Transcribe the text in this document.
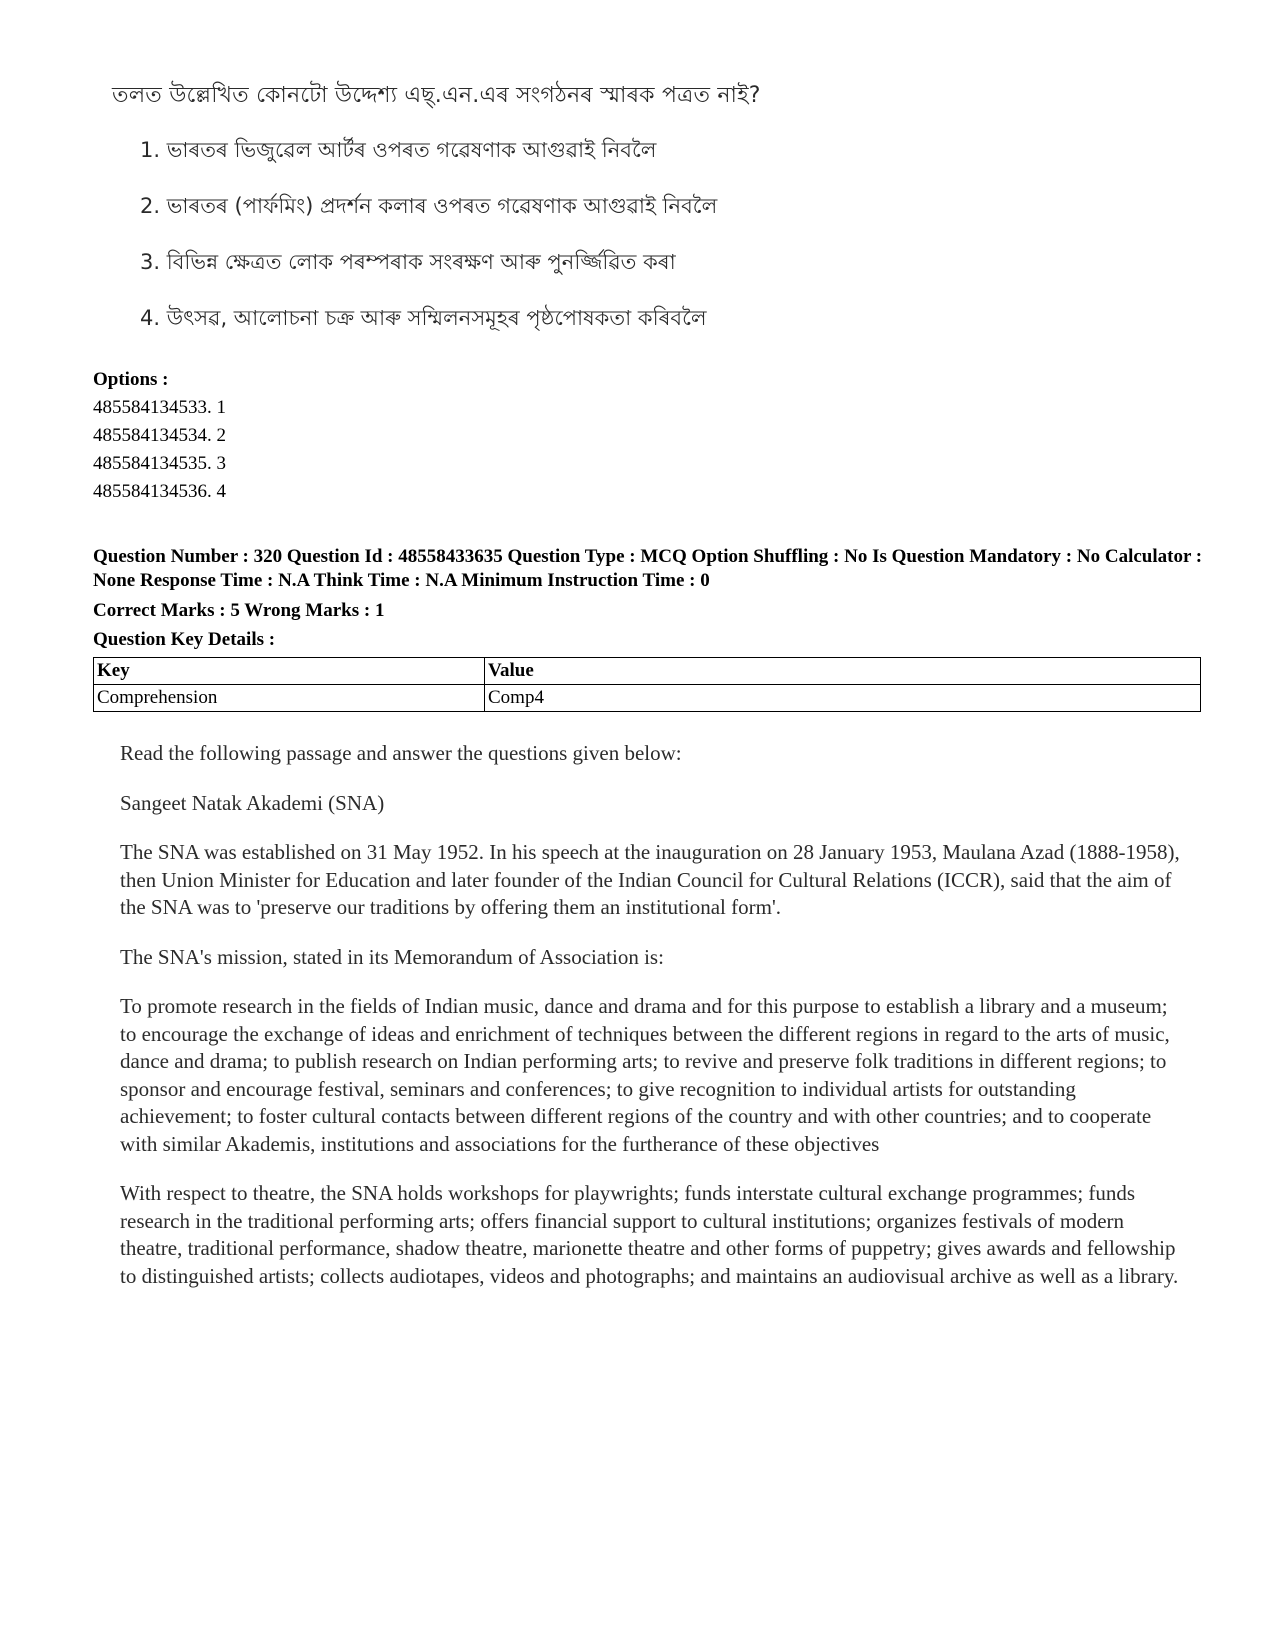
তলত উল্লেখিত কোনটো উদ্দেশ্য এছ্.এন.এৰ সংগঠনৰ স্মাৰক পত্ৰত নাই?
1. ভাৰতৰ ভিজুৱেল আৰ্টৰ ওপৰত গৱেষণাক আগুৱাই নিবলৈ
2. ভাৰতৰ (পাৰ্ফমিং) প্ৰদৰ্শন কলাৰ ওপৰত গৱেষণাক আগুৱাই নিবলৈ
3. বিভিন্ন ক্ষেত্ৰত লোক পৰম্পৰাক সংৰক্ষণ আৰু পুনৰ্জ্জিৱিত কৰা
4. উৎসৱ, আলোচনা চক্ৰ আৰু সম্মিলনসমূহৰ পৃষ্ঠপোষকতা কৰিবলৈ
Options :
485584134533. 1
485584134534. 2
485584134535. 3
485584134536. 4
Question Number : 320 Question Id : 48558433635 Question Type : MCQ Option Shuffling : No Is Question Mandatory : No Calculator : None Response Time : N.A Think Time : N.A Minimum Instruction Time : 0
Correct Marks : 5 Wrong Marks : 1
Question Key Details :
Key	Value
Comprehension	Comp4

Read the following passage and answer the questions given below:

Sangeet Natak Akademi (SNA)

The SNA was established on 31 May 1952. In his speech at the inauguration on 28 January 1953, Maulana Azad (1888-1958), then Union Minister for Education and later founder of the Indian Council for Cultural Relations (ICCR), said that the aim of the SNA was to 'preserve our traditions by offering them an institutional form'.

The SNA's mission, stated in its Memorandum of Association is:

To promote research in the fields of Indian music, dance and drama and for this purpose to establish a library and a museum; to encourage the exchange of ideas and enrichment of techniques between the different regions in regard to the arts of music, dance and drama; to publish research on Indian performing arts; to revive and preserve folk traditions in different regions; to sponsor and encourage festival, seminars and conferences; to give recognition to individual artists for outstanding achievement; to foster cultural contacts between different regions of the country and with other countries; and to cooperate with similar Akademis, institutions and associations for the furtherance of these objectives

With respect to theatre, the SNA holds workshops for playwrights; funds interstate cultural exchange programmes; funds research in the traditional performing arts; offers financial support to cultural institutions; organizes festivals of modern theatre, traditional performance, shadow theatre, marionette theatre and other forms of puppetry; gives awards and fellowship to distinguished artists; collects audiotapes, videos and photographs; and maintains an audiovisual archive as well as a library.
